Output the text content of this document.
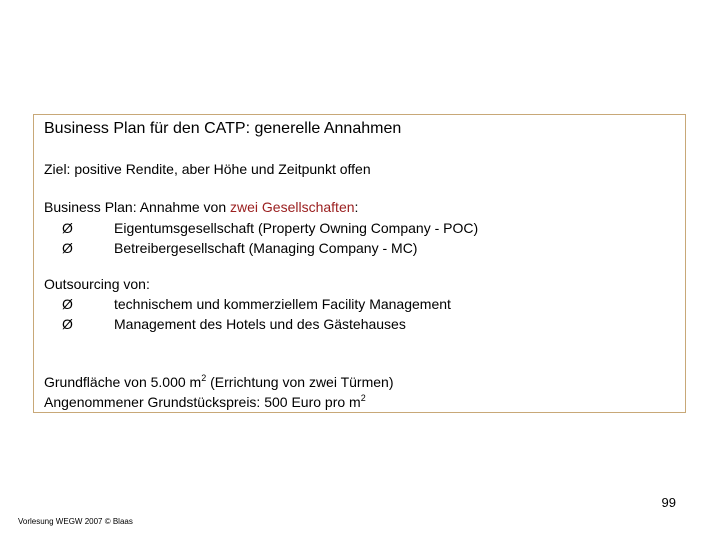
Business Plan für den CATP: generelle Annahmen
Ziel: positive Rendite, aber Höhe und Zeitpunkt offen
Business Plan: Annahme von zwei Gesellschaften:
Ø	Eigentumsgesellschaft (Property Owning Company - POC)
Ø	Betreibergesellschaft (Managing Company - MC)
Outsourcing von:
Ø	technischem und kommerziellem Facility Management
Ø	Management des Hotels und des Gästehauses
Grundfläche von 5.000 $m^2$ (Errichtung von zwei Türmen)
Angenommener Grundstückspreis: 500 Euro pro $m^2$
99
Vorlesung WEGW 2007 © Blaas
